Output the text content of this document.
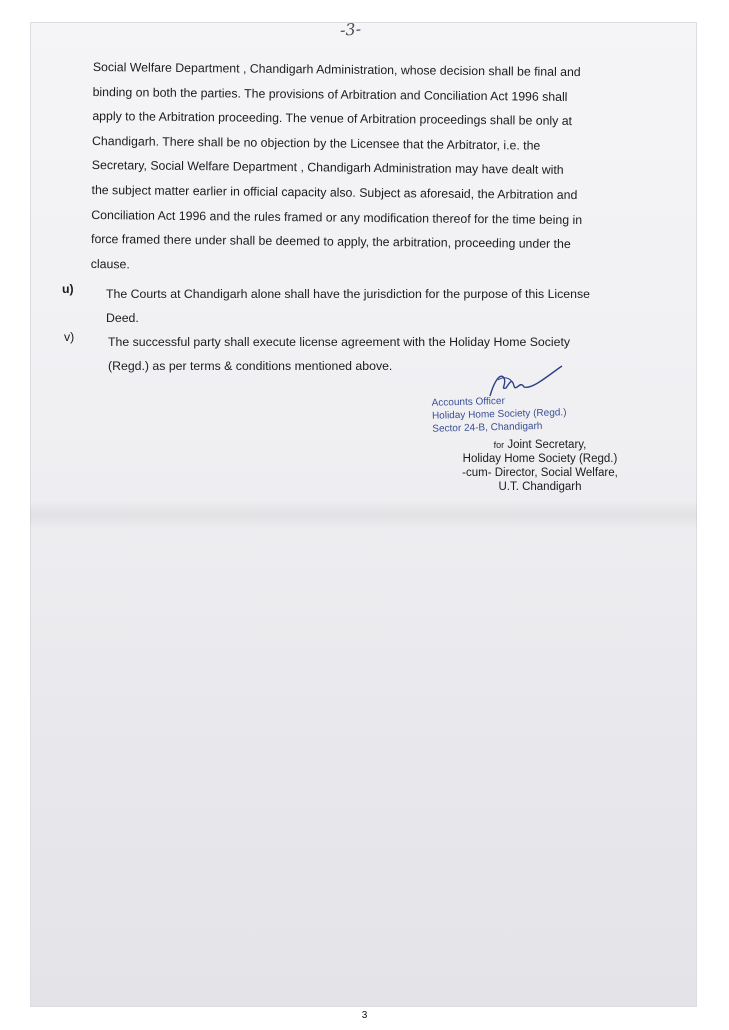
-3-
Social Welfare Department , Chandigarh Administration, whose decision shall be final and
binding on both the parties. The provisions of Arbitration and Conciliation Act 1996 shall
apply to the Arbitration proceeding. The venue of Arbitration proceedings shall be only at
Chandigarh. There shall be no objection by the Licensee that the Arbitrator, i.e. the
Secretary, Social Welfare Department , Chandigarh Administration may have dealt with
the subject matter earlier in official capacity also. Subject as aforesaid, the Arbitration and
Conciliation Act 1996 and the rules framed or any modification thereof for the time being in
force framed there under shall be deemed to apply, the arbitration, proceeding under the
clause.
u)	The Courts at Chandigarh alone shall have the jurisdiction for the purpose of this License
Deed.
v)	The successful party shall execute license agreement with the Holiday Home Society
(Regd.) as per terms & conditions mentioned above.
Accounts Officer
Holiday Home Society (Regd.)
Sector 24-B, Chandigarh
for Joint Secretary,
Holiday Home Society (Regd.)
-cum- Director, Social Welfare,
U.T. Chandigarh
3
